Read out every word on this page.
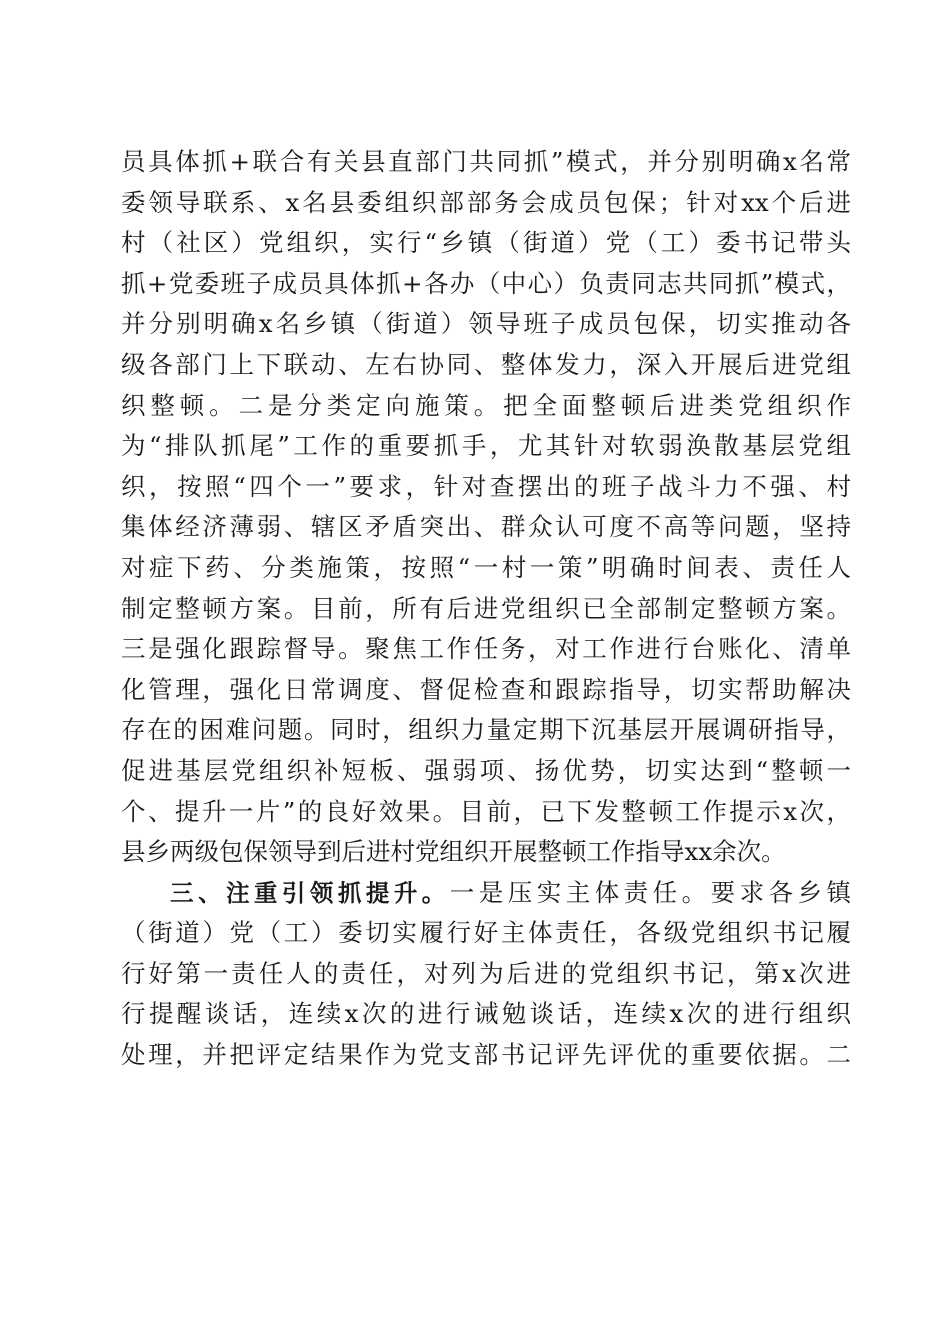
员具体抓+联合有关县直部门共同抓”模式，并分别明确x名常
委领导联系、x名县委组织部部务会成员包保；针对xx个后进
村（社区）党组织，实行“乡镇（街道）党（工）委书记带头
抓+党委班子成员具体抓+各办（中心）负责同志共同抓”模式，
并分别明确x名乡镇（街道）领导班子成员包保，切实推动各
级各部门上下联动、左右协同、整体发力，深入开展后进党组
织整顿。二是分类定向施策。把全面整顿后进类党组织作
为“排队抓尾”工作的重要抓手，尤其针对软弱涣散基层党组
织，按照“四个一”要求，针对查摆出的班子战斗力不强、村
集体经济薄弱、辖区矛盾突出、群众认可度不高等问题，坚持
对症下药、分类施策，按照“一村一策”明确时间表、责任人
制定整顿方案。目前，所有后进党组织已全部制定整顿方案。
三是强化跟踪督导。聚焦工作任务，对工作进行台账化、清单
化管理，强化日常调度、督促检查和跟踪指导，切实帮助解决
存在的困难问题。同时，组织力量定期下沉基层开展调研指导，
促进基层党组织补短板、强弱项、扬优势，切实达到“整顿一
个、提升一片”的良好效果。目前，已下发整顿工作提示x次，
县乡两级包保领导到后进村党组织开展整顿工作指导xx余次。
三、注重引领抓提升。一是压实主体责任。要求各乡镇
（街道）党（工）委切实履行好主体责任，各级党组织书记履
行好第一责任人的责任，对列为后进的党组织书记，第x次进
行提醒谈话，连续x次的进行诫勉谈话，连续x次的进行组织
处理，并把评定结果作为党支部书记评先评优的重要依据。二
